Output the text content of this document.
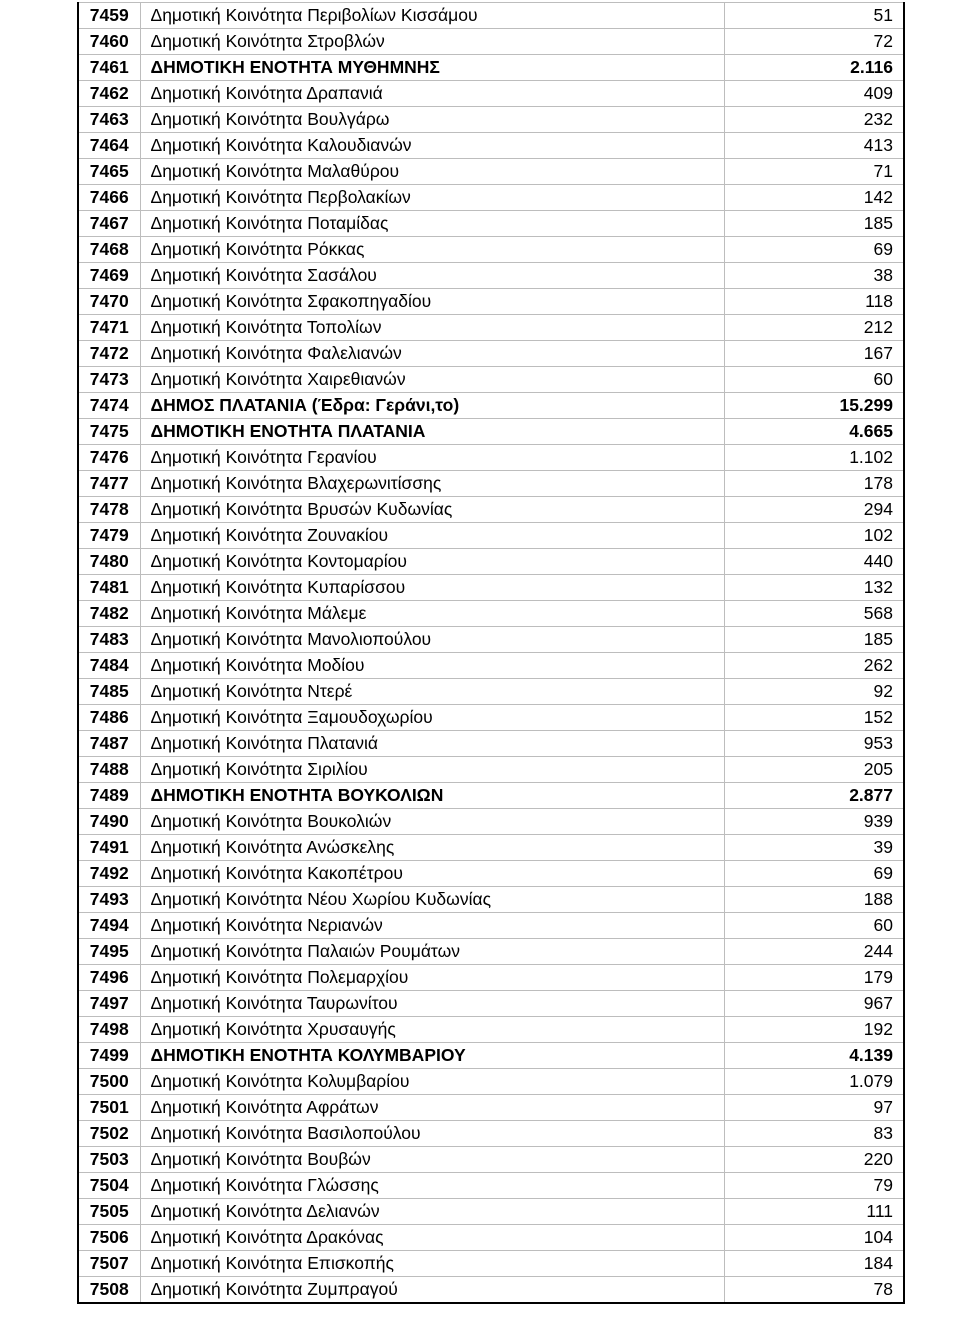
7459	Δημοτική Κοινότητα Περιβολίων Κισσάμου	51
7460	Δημοτική Κοινότητα Στροβλών	72
7461	ΔΗΜΟΤΙΚΗ ΕΝΟΤΗΤΑ ΜΥΘΗΜΝΗΣ	2.116
7462	Δημοτική Κοινότητα Δραπανιά	409
7463	Δημοτική Κοινότητα Βουλγάρω	232
7464	Δημοτική Κοινότητα Καλουδιανών	413
7465	Δημοτική Κοινότητα Μαλαθύρου	71
7466	Δημοτική Κοινότητα Περβολακίων	142
7467	Δημοτική Κοινότητα Ποταμίδας	185
7468	Δημοτική Κοινότητα Ρόκκας	69
7469	Δημοτική Κοινότητα Σασάλου	38
7470	Δημοτική Κοινότητα Σφακοπηγαδίου	118
7471	Δημοτική Κοινότητα Τοπολίων	212
7472	Δημοτική Κοινότητα Φαλελιανών	167
7473	Δημοτική Κοινότητα Χαιρεθιανών	60
7474	ΔΗΜΟΣ ΠΛΑΤΑΝΙΑ (Έδρα: Γεράνι,το)	15.299
7475	ΔΗΜΟΤΙΚΗ ΕΝΟΤΗΤΑ ΠΛΑΤΑΝΙΑ	4.665
7476	Δημοτική Κοινότητα Γερανίου	1.102
7477	Δημοτική Κοινότητα Βλαχερωνιτίσσης	178
7478	Δημοτική Κοινότητα Βρυσών Κυδωνίας	294
7479	Δημοτική Κοινότητα Ζουνακίου	102
7480	Δημοτική Κοινότητα Κοντομαρίου	440
7481	Δημοτική Κοινότητα Κυπαρίσσου	132
7482	Δημοτική Κοινότητα Μάλεμε	568
7483	Δημοτική Κοινότητα Μανολιοπούλου	185
7484	Δημοτική Κοινότητα Μοδίου	262
7485	Δημοτική Κοινότητα Ντερέ	92
7486	Δημοτική Κοινότητα Ξαμουδοχωρίου	152
7487	Δημοτική Κοινότητα Πλατανιά	953
7488	Δημοτική Κοινότητα Σιριλίου	205
7489	ΔΗΜΟΤΙΚΗ ΕΝΟΤΗΤΑ ΒΟΥΚΟΛΙΩΝ	2.877
7490	Δημοτική Κοινότητα Βουκολιών	939
7491	Δημοτική Κοινότητα Ανώσκελης	39
7492	Δημοτική Κοινότητα Κακοπέτρου	69
7493	Δημοτική Κοινότητα Νέου Χωρίου Κυδωνίας	188
7494	Δημοτική Κοινότητα Νεριανών	60
7495	Δημοτική Κοινότητα Παλαιών Ρουμάτων	244
7496	Δημοτική Κοινότητα Πολεμαρχίου	179
7497	Δημοτική Κοινότητα Ταυρωνίτου	967
7498	Δημοτική Κοινότητα Χρυσαυγής	192
7499	ΔΗΜΟΤΙΚΗ ΕΝΟΤΗΤΑ ΚΟΛΥΜΒΑΡΙΟΥ	4.139
7500	Δημοτική Κοινότητα Κολυμβαρίου	1.079
7501	Δημοτική Κοινότητα Αφράτων	97
7502	Δημοτική Κοινότητα Βασιλοπούλου	83
7503	Δημοτική Κοινότητα Βουβών	220
7504	Δημοτική Κοινότητα Γλώσσης	79
7505	Δημοτική Κοινότητα Δελιανών	111
7506	Δημοτική Κοινότητα Δρακόνας	104
7507	Δημοτική Κοινότητα Επισκοπής	184
7508	Δημοτική Κοινότητα Ζυμπραγού	78
